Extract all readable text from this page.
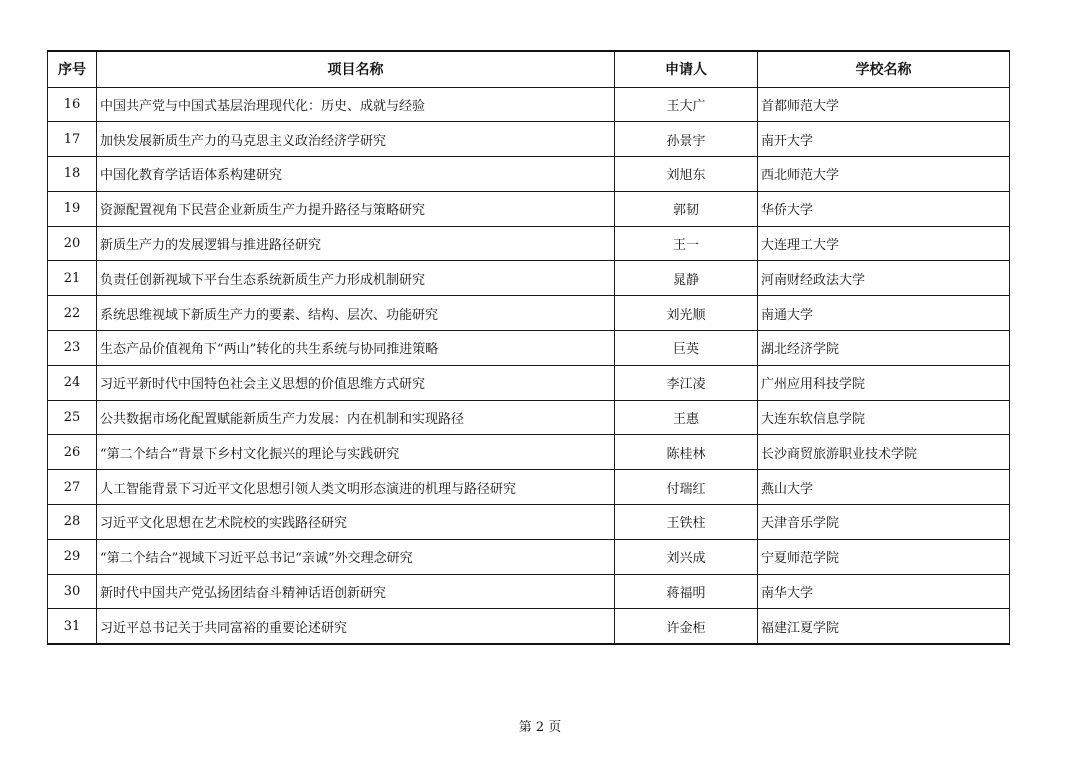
序号	项目名称	申请人	学校名称
16	中国共产党与中国式基层治理现代化：历史、成就与经验	王大广	首都师范大学
17	加快发展新质生产力的马克思主义政治经济学研究	孙景宇	南开大学
18	中国化教育学话语体系构建研究	刘旭东	西北师范大学
19	资源配置视角下民营企业新质生产力提升路径与策略研究	郭韧	华侨大学
20	新质生产力的发展逻辑与推进路径研究	王一	大连理工大学
21	负责任创新视域下平台生态系统新质生产力形成机制研究	晁静	河南财经政法大学
22	系统思维视域下新质生产力的要素、结构、层次、功能研究	刘光顺	南通大学
23	生态产品价值视角下“两山”转化的共生系统与协同推进策略	巨英	湖北经济学院
24	习近平新时代中国特色社会主义思想的价值思维方式研究	李江凌	广州应用科技学院
25	公共数据市场化配置赋能新质生产力发展：内在机制和实现路径	王惠	大连东软信息学院
26	“第二个结合”背景下乡村文化振兴的理论与实践研究	陈桂林	长沙商贸旅游职业技术学院
27	人工智能背景下习近平文化思想引领人类文明形态演进的机理与路径研究	付瑞红	燕山大学
28	习近平文化思想在艺术院校的实践路径研究	王铁柱	天津音乐学院
29	“第二个结合”视域下习近平总书记“亲诚”外交理念研究	刘兴成	宁夏师范学院
30	新时代中国共产党弘扬团结奋斗精神话语创新研究	蒋福明	南华大学
31	习近平总书记关于共同富裕的重要论述研究	许金柜	福建江夏学院
第 2 页
